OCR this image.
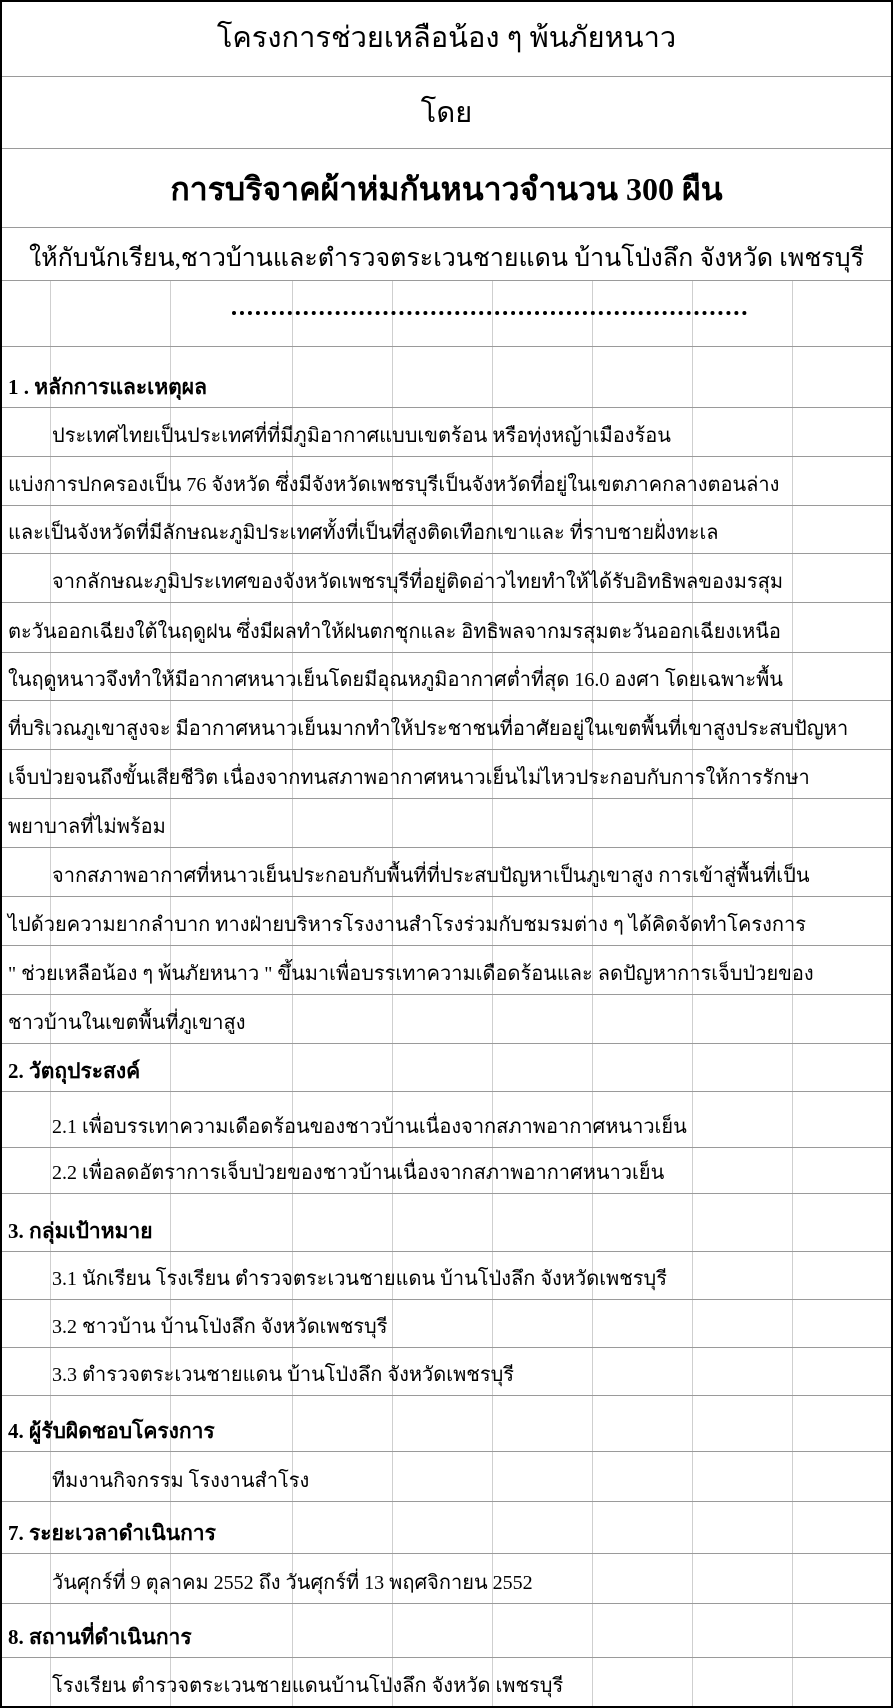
โครงการช่วยเหลือน้อง ๆ พ้นภัยหนาว
โดย
การบริจาคผ้าห่มกันหนาวจำนวน 300 ผืน
ให้กับนักเรียน,ชาวบ้านและตำรวจตระเวนชายแดน บ้านโป่งลึก จังหวัด เพชรบุรี
1 . หลักการและเหตุผล
ประเทศไทยเป็นประเทศที่ที่มีภูมิอากาศแบบเขตร้อน หรือทุ่งหญ้าเมืองร้อน
แบ่งการปกครองเป็น 76 จังหวัด ซึ่งมีจังหวัดเพชรบุรีเป็นจังหวัดที่อยู่ในเขตภาคกลางตอนล่าง
และเป็นจังหวัดที่มีลักษณะภูมิประเทศทั้งที่เป็นที่สูงติดเทือกเขาและ ที่ราบชายฝั่งทะเล
จากลักษณะภูมิประเทศของจังหวัดเพชรบุรีที่อยู่ติดอ่าวไทยทำให้ได้รับอิทธิพลของมรสุม
ตะวันออกเฉียงใต้ในฤดูฝน ซึ่งมีผลทำให้ฝนตกชุกและ อิทธิพลจากมรสุมตะวันออกเฉียงเหนือ
ในฤดูหนาวจึงทำให้มีอากาศหนาวเย็นโดยมีอุณหภูมิอากาศต่ำที่สุด 16.0 องศา โดยเฉพาะพื้น
ที่บริเวณภูเขาสูงจะ มีอากาศหนาวเย็นมากทำให้ประชาชนที่อาศัยอยู่ในเขตพื้นที่เขาสูงประสบปัญหา
เจ็บป่วยจนถึงขั้นเสียชีวิต เนื่องจากทนสภาพอากาศหนาวเย็นไม่ไหวประกอบกับการให้การรักษา
พยาบาลที่ไม่พร้อม
จากสภาพอากาศที่หนาวเย็นประกอบกับพื้นที่ที่ประสบปัญหาเป็นภูเขาสูง การเข้าสู่พื้นที่เป็น
ไปด้วยความยากลำบาก ทางฝ่ายบริหารโรงงานสำโรงร่วมกับชมรมต่าง ๆ ได้คิดจัดทำโครงการ
" ช่วยเหลือน้อง ๆ พ้นภัยหนาว " ขึ้นมาเพื่อบรรเทาความเดือดร้อนและ ลดปัญหาการเจ็บป่วยของ
ชาวบ้านในเขตพื้นที่ภูเขาสูง
2. วัตถุประสงค์
2.1 เพื่อบรรเทาความเดือดร้อนของชาวบ้านเนื่องจากสภาพอากาศหนาวเย็น
2.2 เพื่อลดอัตราการเจ็บป่วยของชาวบ้านเนื่องจากสภาพอากาศหนาวเย็น
3. กลุ่มเป้าหมาย
3.1 นักเรียน โรงเรียน ตำรวจตระเวนชายแดน บ้านโป่งลึก จังหวัดเพชรบุรี
3.2 ชาวบ้าน บ้านโป่งลึก จังหวัดเพชรบุรี
3.3 ตำรวจตระเวนชายแดน บ้านโป่งลึก จังหวัดเพชรบุรี
4. ผู้รับผิดชอบโครงการ
ทีมงานกิจกรรม โรงงานสำโรง
7. ระยะเวลาดำเนินการ
วันศุกร์ที่ 9 ตุลาคม 2552 ถึง วันศุกร์ที่ 13 พฤศจิกายน 2552
8. สถานที่ดำเนินการ
โรงเรียน ตำรวจตระเวนชายแดนบ้านโป่งลึก จังหวัด เพชรบุรี
